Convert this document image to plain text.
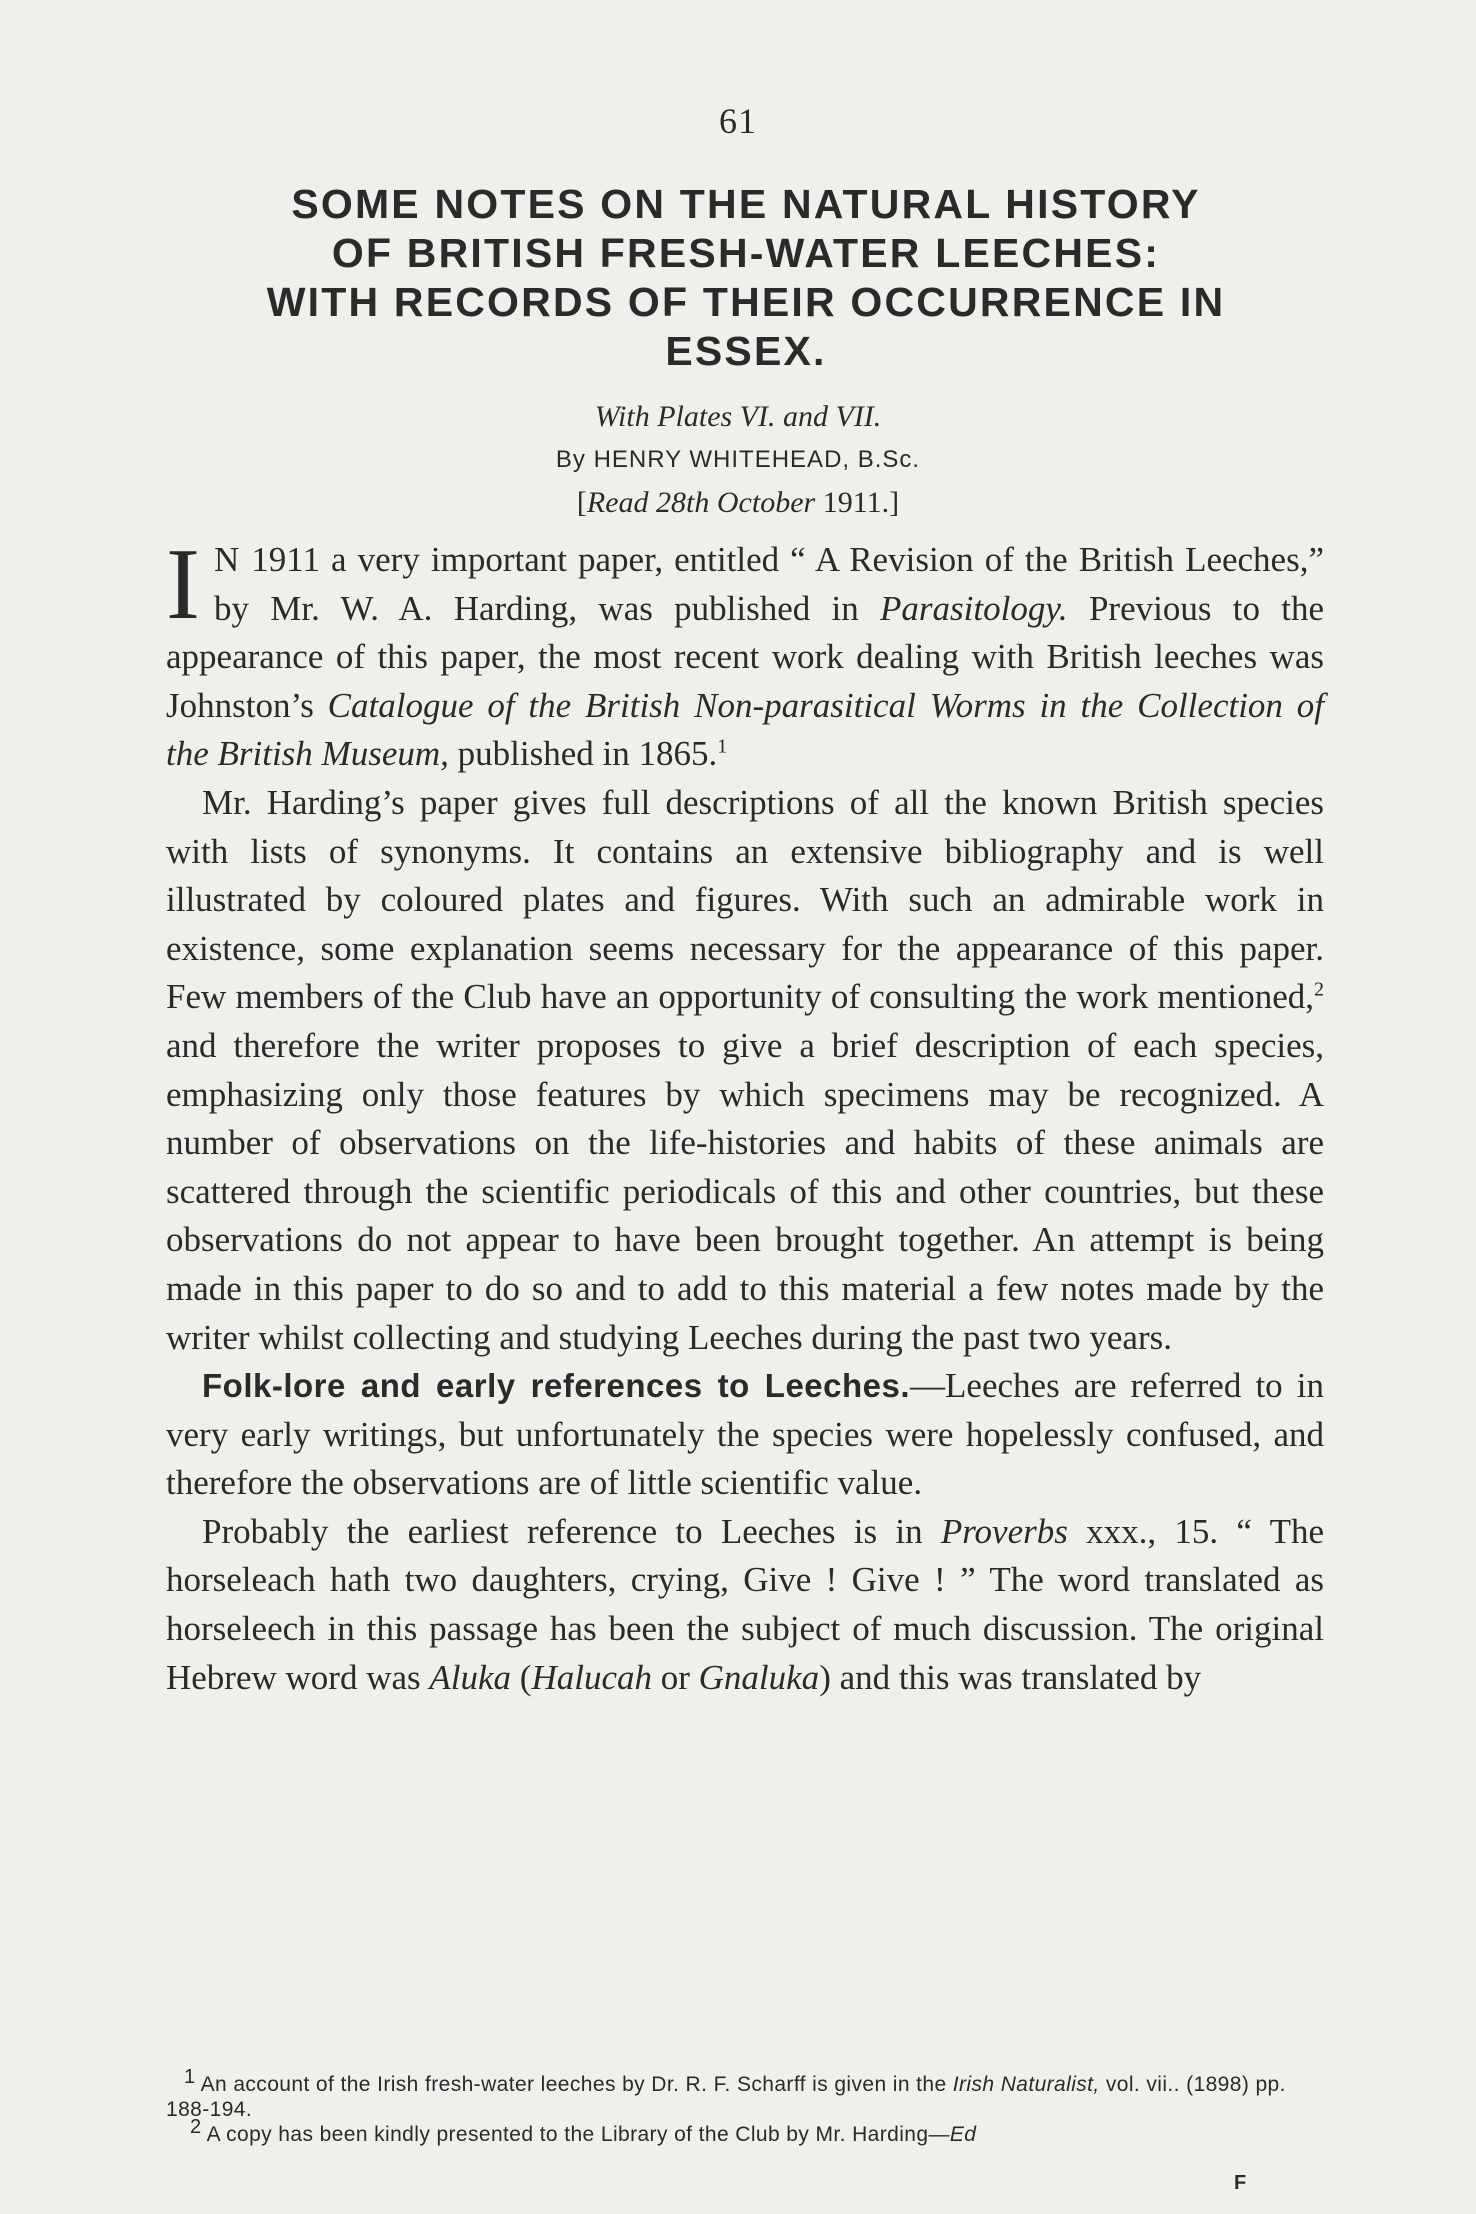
61
SOME NOTES ON THE NATURAL HISTORY
OF BRITISH FRESH-WATER LEECHES:
WITH RECORDS OF THEIR OCCURRENCE IN
ESSEX.
With Plates VI. and VII.
By HENRY WHITEHEAD, B.Sc.
[Read 28th October 1911.]

I N 1911 a very important paper, entitled “ A Revision of the British Leeches,” by Mr. W. A. Harding, was published in Parasitology. Previous to the appearance of this paper, the most recent work dealing with British leeches was Johnston’s Catalogue of the British Non-parasitical Worms in the Collection of the British Museum, published in 1865.$^1$

Mr. Harding’s paper gives full descriptions of all the known British species with lists of synonyms. It contains an extensive bibliography and is well illustrated by coloured plates and figures. With such an admirable work in existence, some explanation seems necessary for the appearance of this paper. Few members of the Club have an opportunity of consulting the work mentioned,$^2$ and therefore the writer proposes to give a brief description of each species, emphasizing only those features by which specimens may be recognized. A number of observations on the life-histories and habits of these animals are scattered through the scientific periodicals of this and other countries, but these observations do not appear to have been brought together. An attempt is being made in this paper to do so and to add to this material a few notes made by the writer whilst collecting and studying Leeches during the past two years.

Folk-lore and early references to Leeches.—Leeches are referred to in very early writings, but unfortunately the species were hopelessly confused, and therefore the observations are of little scientific value.

Probably the earliest reference to Leeches is in Proverbs xxx., 15. “ The horseleach hath two daughters, crying, Give ! Give ! ” The word translated as horseleech in this passage has been the subject of much discussion. The original Hebrew word was Aluka (Halucah or Gnaluka) and this was translated by

$^1$ An account of the Irish fresh-water leeches by Dr. R. F. Scharff is given in the Irish Naturalist, vol. vii.. (1898) pp. 188-194.

$^2$ A copy has been kindly presented to the Library of the Club by Mr. Harding—Ed

F
